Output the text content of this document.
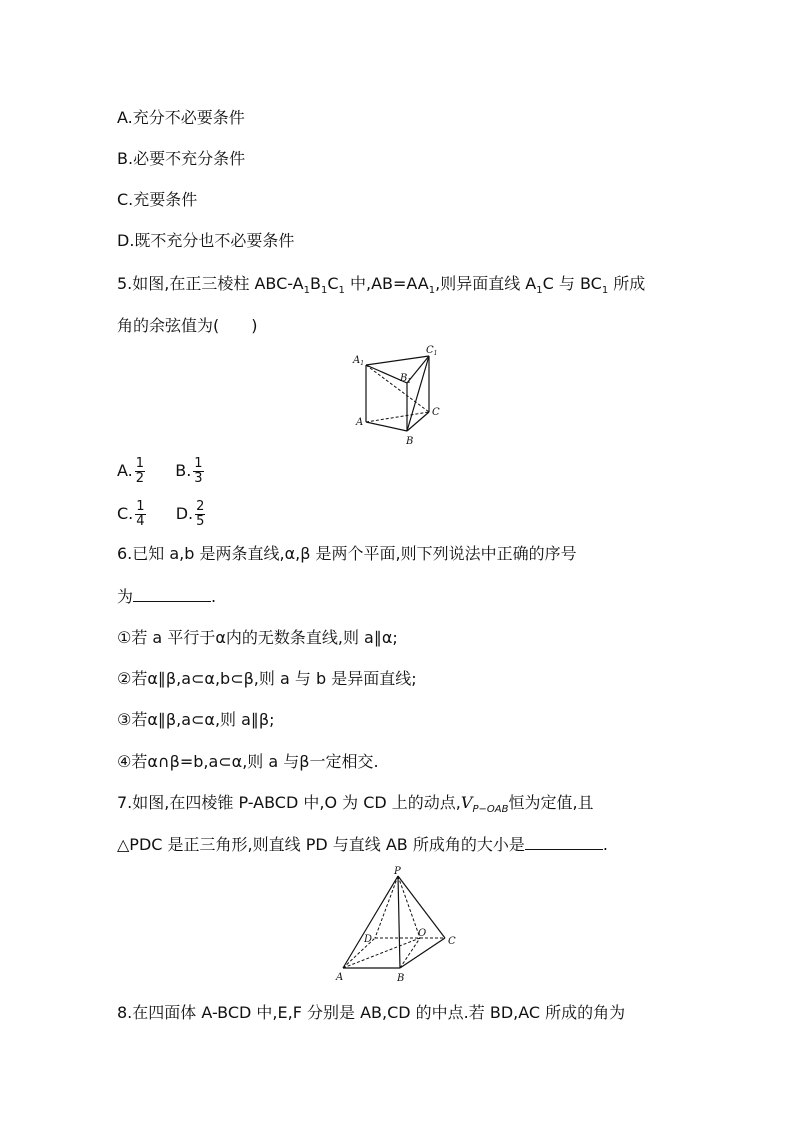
A.充分不必要条件
B.必要不充分条件
C.充要条件
D.既不充分也不必要条件
5.如图,在正三棱柱 ABC-$A_1B_1C_1$ 中$,AB=AA_1$,则异面直线 $A_1C$ 与 $BC_1$ 所成
角的余弦值为(　　)
$A_1$
$C_1$
$B_1$
A
C
B
A. $\frac{1}{2} B$. $\frac{1}{3}$
C. $\frac{1}{4} D$. $\frac{2}{5}$
6.已知 a,b 是两条直线,α,β 是两个平面,则下列说法中正确的序号
为	.
①若 a 平行于α内的无数条直线,则 a∥α;
②若α∥β,a⊂α,b⊂β,则 a 与 b 是异面直线;
③若α∥β,a⊂α,则 a∥β;
④若α∩β=b,a⊂α,则 a 与β一定相交.
7.如图,在四棱锥 P-ABCD 中,O 为 CD 上的动点$,V_{P-OAB}$恒为定值,且
△PDC 是正三角形,则直线 PD 与直线 AB 所成角的大小是	.
P
D
O
C
A	B
8.在四面体 A-BCD 中,E,F 分别是 AB,CD 的中点.若 BD,AC 所成的角为
